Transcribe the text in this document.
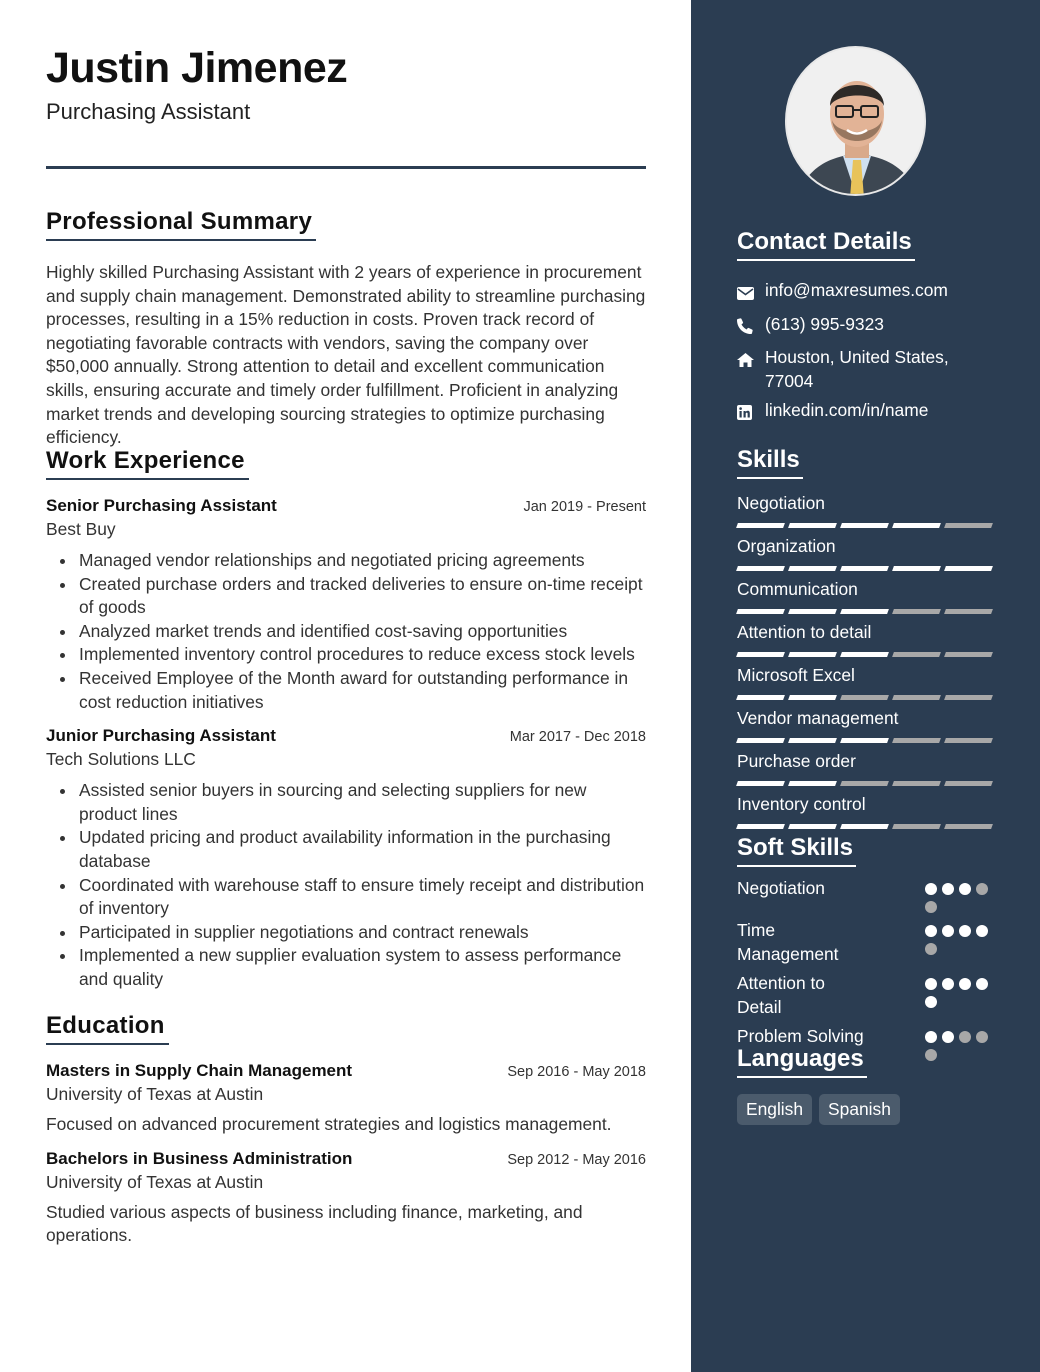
Justin Jimenez
Purchasing Assistant
Professional Summary

Highly skilled Purchasing Assistant with 2 years of experience in procurement and supply chain management. Demonstrated ability to streamline purchasing processes, resulting in a 15% reduction in costs. Proven track record of negotiating favorable contracts with vendors, saving the company over $50,000 annually. Strong attention to detail and excellent communication skills, ensuring accurate and timely order fulfillment. Proficient in analyzing market trends and developing sourcing strategies to optimize purchasing efficiency.

Work Experience
Senior Purchasing Assistant	Jan 2019 - Present
Best Buy
Managed vendor relationships and negotiated pricing agreements
Created purchase orders and tracked deliveries to ensure on-time receipt of goods
Analyzed market trends and identified cost-saving opportunities
Implemented inventory control procedures to reduce excess stock levels
Received Employee of the Month award for outstanding performance in cost reduction initiatives
Junior Purchasing Assistant	Mar 2017 - Dec 2018
Tech Solutions LLC
Assisted senior buyers in sourcing and selecting suppliers for new product lines
Updated pricing and product availability information in the purchasing database
Coordinated with warehouse staff to ensure timely receipt and distribution of inventory
Participated in supplier negotiations and contract renewals
Implemented a new supplier evaluation system to assess performance and quality
Education
Masters in Supply Chain Management	Sep 2016 - May 2018
University of Texas at Austin

Focused on advanced procurement strategies and logistics management.

Bachelors in Business Administration	Sep 2012 - May 2016
University of Texas at Austin

Studied various aspects of business including finance, marketing, and operations.

Contact Details
info@maxresumes.com
(613) 995-9323
Houston, United States, 77004
linkedin.com/in/name
Skills
Negotiation
Organization
Communication
Attention to detail
Microsoft Excel
Vendor management
Purchase order
Inventory control
Soft Skills
Negotiation
Time Management
Attention to Detail
Problem Solving
Languages
English	Spanish
